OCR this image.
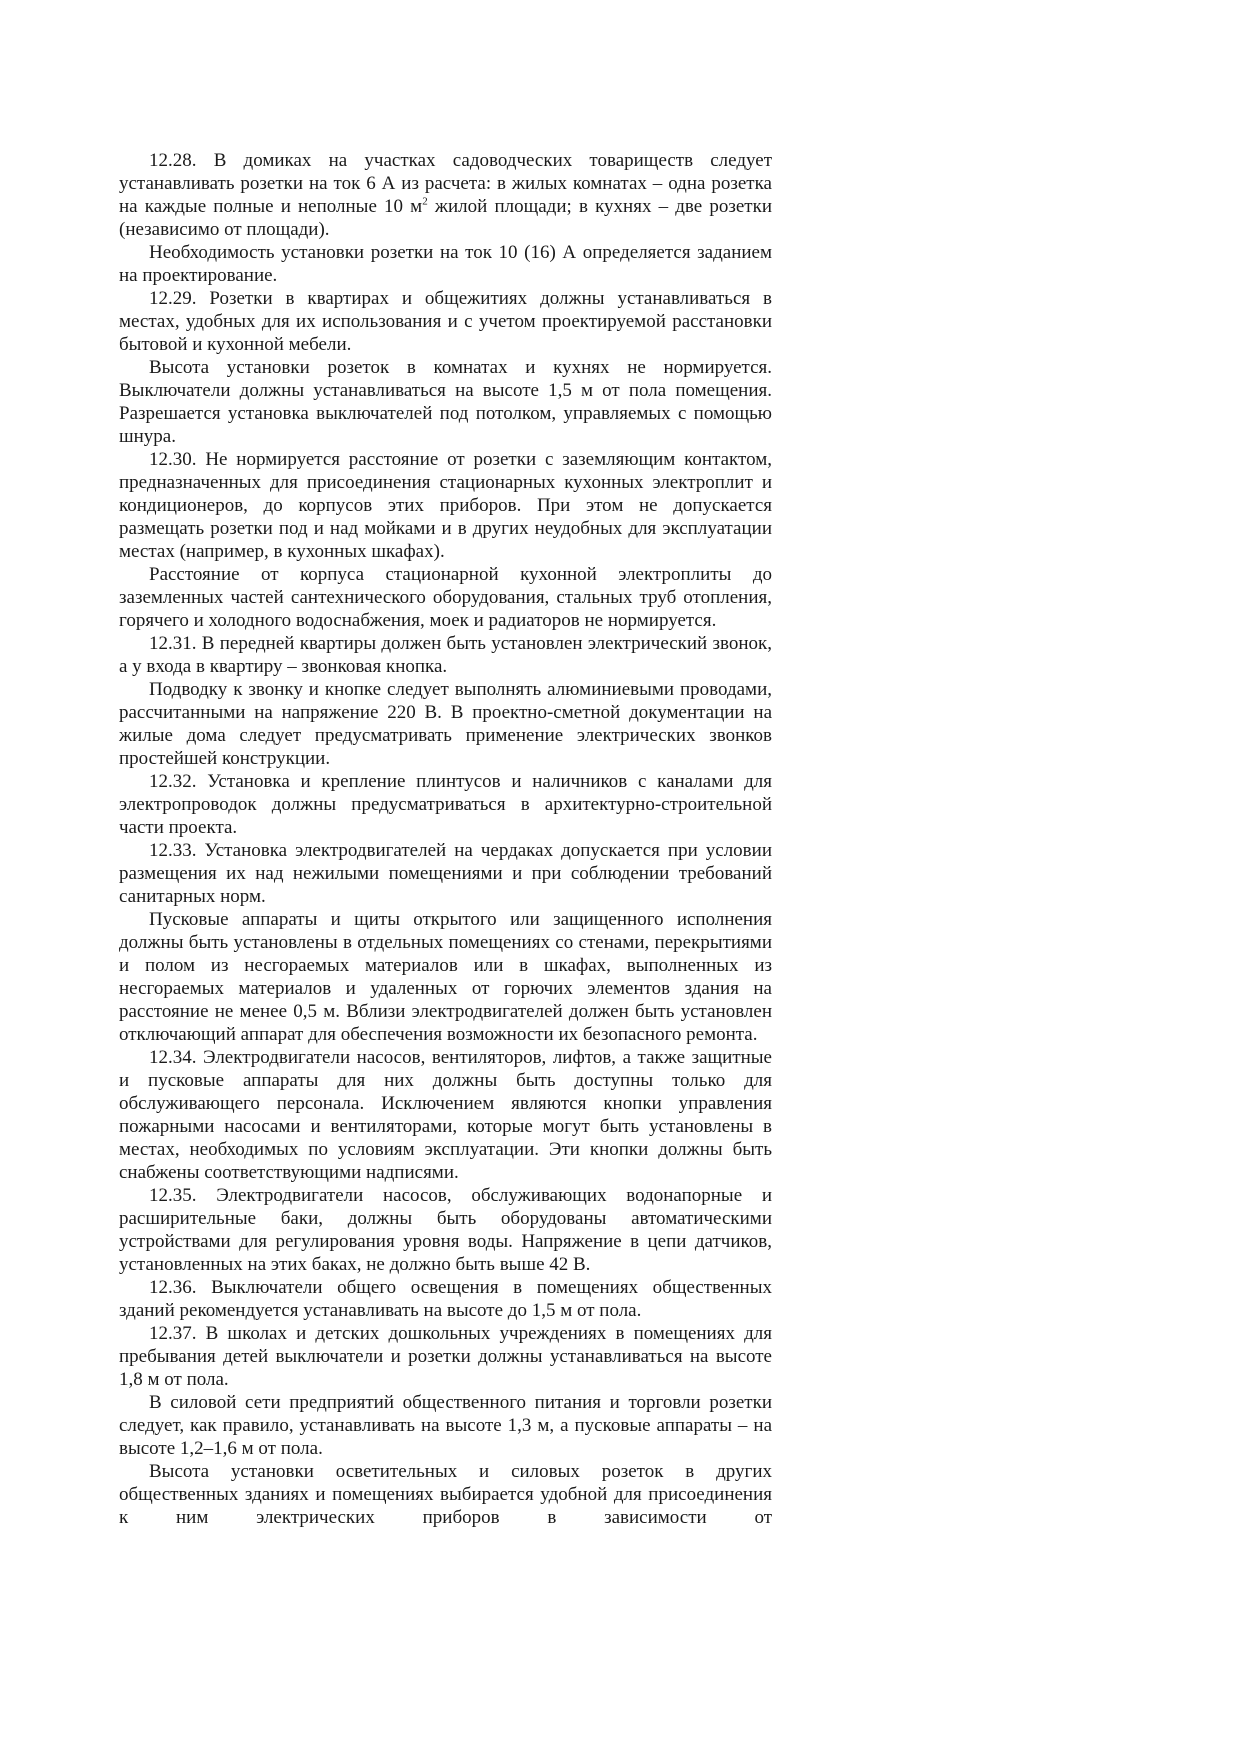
12.28. В домиках на участках садоводческих товариществ следует устанавливать розетки на ток 6 А из расчета: в жилых комнатах – одна розетка на каждые полные и неполные 10 $м^2$ жилой площади; в кухнях – две розетки (независимо от площади).

Необходимость установки розетки на ток 10 (16) А определяется заданием на проектирование.

12.29. Розетки в квартирах и общежитиях должны устанавливаться в местах, удобных для их использования и с учетом проектируемой расстановки бытовой и кухонной мебели.

Высота установки розеток в комнатах и кухнях не нормируется. Выключатели должны устанавливаться на высоте 1,5 м от пола помещения. Разрешается установка выключателей под потолком, управляемых с помощью шнура.

12.30. Не нормируется расстояние от розетки с заземляющим контактом, предназначенных для присоединения стационарных кухонных электроплит и кондиционеров, до корпусов этих приборов. При этом не допускается размещать розетки под и над мойками и в других неудобных для эксплуатации местах (например, в кухонных шкафах).

Расстояние от корпуса стационарной кухонной электроплиты до заземленных частей сантехнического оборудования, стальных труб отопления, горячего и холодного водоснабжения, моек и радиаторов не нормируется.

12.31. В передней квартиры должен быть установлен электрический звонок, а у входа в квартиру – звонковая кнопка.

Подводку к звонку и кнопке следует выполнять алюминиевыми проводами, рассчитанными на напряжение 220 В. В проектно-сметной документации на жилые дома следует предусматривать применение электрических звонков простейшей конструкции.

12.32. Установка и крепление плинтусов и наличников с каналами для электропроводок должны предусматриваться в архитектурно-строительной части проекта.

12.33. Установка электродвигателей на чердаках допускается при условии размещения их над нежилыми помещениями и при соблюдении требований санитарных норм.

Пусковые аппараты и щиты открытого или защищенного исполнения должны быть установлены в отдельных помещениях со стенами, перекрытиями и полом из несгораемых материалов или в шкафах, выполненных из несгораемых материалов и удаленных от горючих элементов здания на расстояние не менее 0,5 м. Вблизи электродвигателей должен быть установлен отключающий аппарат для обеспечения возможности их безопасного ремонта.

12.34. Электродвигатели насосов, вентиляторов, лифтов, а также защитные и пусковые аппараты для них должны быть доступны только для обслуживающего персонала. Исключением являются кнопки управления пожарными насосами и вентиляторами, которые могут быть установлены в местах, необходимых по условиям эксплуатации. Эти кнопки должны быть снабжены соответствующими надписями.

12.35. Электродвигатели насосов, обслуживающих водонапорные и расширительные баки, должны быть оборудованы автоматическими устройствами для регулирования уровня воды. Напряжение в цепи датчиков, установленных на этих баках, не должно быть выше 42 В.

12.36. Выключатели общего освещения в помещениях общественных зданий рекомендуется устанавливать на высоте до 1,5 м от пола.

12.37. В школах и детских дошкольных учреждениях в помещениях для пребывания детей выключатели и розетки должны устанавливаться на высоте 1,8 м от пола.

В силовой сети предприятий общественного питания и торговли розетки следует, как правило, устанавливать на высоте 1,3 м, а пусковые аппараты – на высоте 1,2–1,6 м от пола.

Высота установки осветительных и силовых розеток в других общественных зданиях и помещениях выбирается удобной для присоединения к ним электрических приборов в зависимости от
